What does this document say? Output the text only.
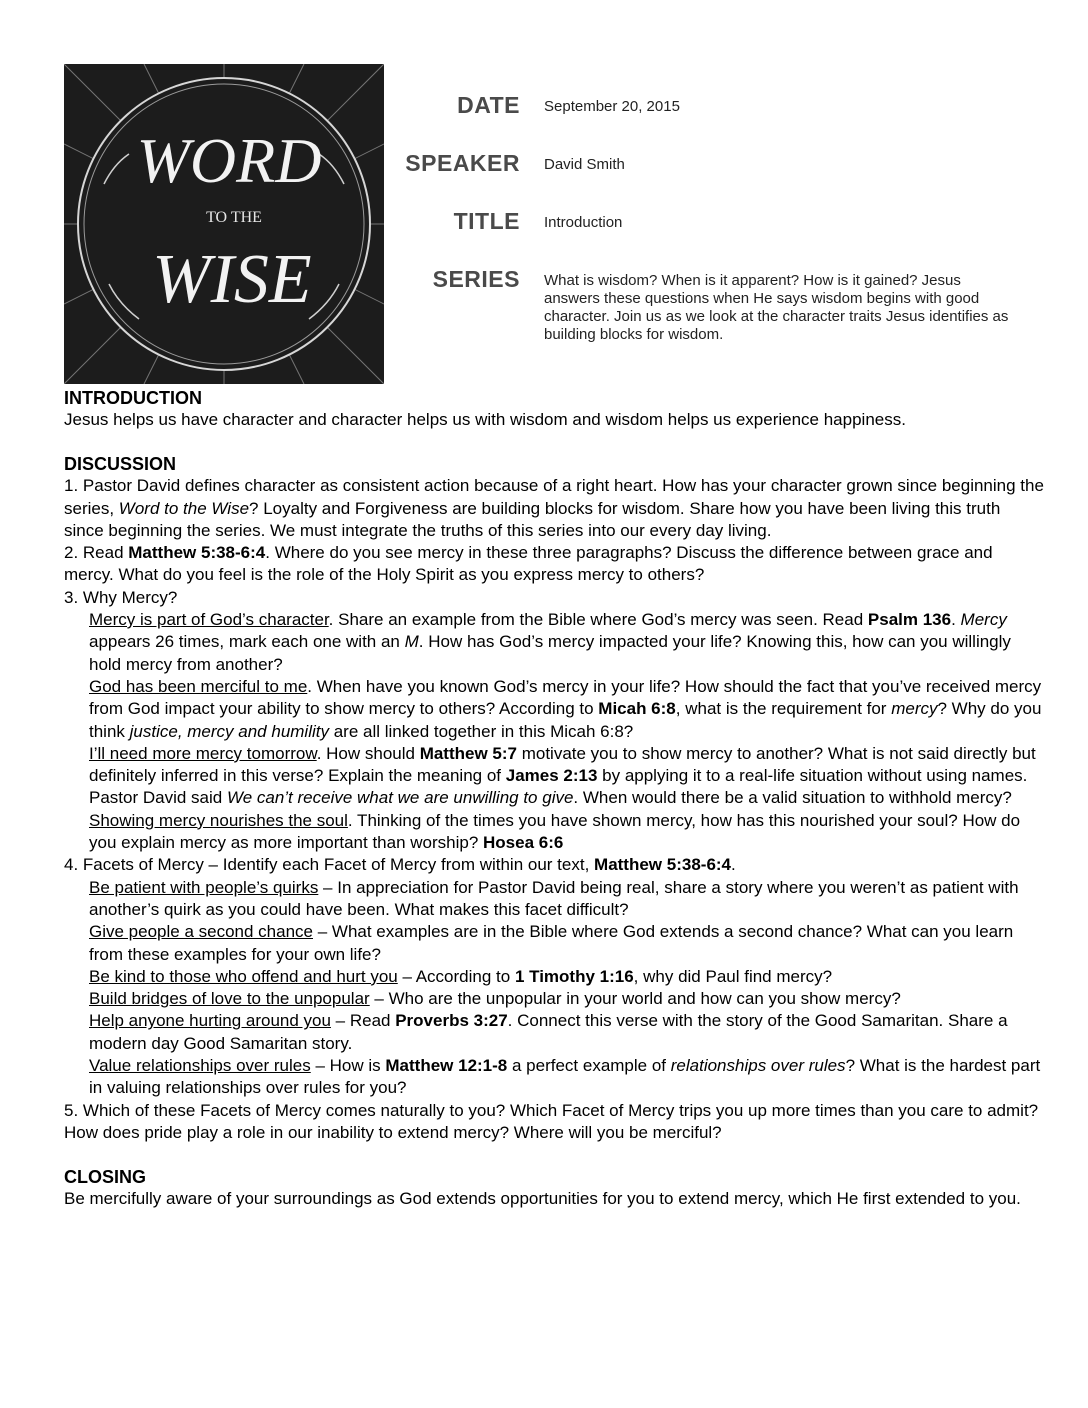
WORD
TO THE
WISE
DATE September 20, 2015
SPEAKER David Smith
TITLE Introduction
SERIES What is wisdom? When is it apparent? How is it gained? Jesus answers these questions when He says wisdom begins with good character. Join us as we look at the character traits Jesus identifies as building blocks for wisdom.
INTRODUCTION

Jesus helps us have character and character helps us with wisdom and wisdom helps us experience happiness.

DISCUSSION

1. Pastor David defines character as consistent action because of a right heart. How has your character grown since beginning the series, Word to the Wise? Loyalty and Forgiveness are building blocks for wisdom. Share how you have been living this truth since beginning the series. We must integrate the truths of this series into our every day living.

2. Read Matthew 5:38-6:4. Where do you see mercy in these three paragraphs? Discuss the difference between grace and mercy. What do you feel is the role of the Holy Spirit as you express mercy to others?

3. Why Mercy?

Mercy is part of God’s character. Share an example from the Bible where God’s mercy was seen. Read Psalm 136. Mercy appears 26 times, mark each one with an M. How has God’s mercy impacted your life? Knowing this, how can you willingly hold mercy from another?

God has been merciful to me. When have you known God’s mercy in your life? How should the fact that you’ve received mercy from God impact your ability to show mercy to others? According to Micah 6:8, what is the requirement for mercy? Why do you think justice, mercy and humility are all linked together in this Micah 6:8?

I’ll need more mercy tomorrow. How should Matthew 5:7 motivate you to show mercy to another? What is not said directly but definitely inferred in this verse? Explain the meaning of James 2:13 by applying it to a real-life situation without using names. Pastor David said We can’t receive what we are unwilling to give. When would there be a valid situation to withhold mercy?

Showing mercy nourishes the soul. Thinking of the times you have shown mercy, how has this nourished your soul? How do you explain mercy as more important than worship? Hosea 6:6

4. Facets of Mercy – Identify each Facet of Mercy from within our text, Matthew 5:38-6:4.

Be patient with people’s quirks – In appreciation for Pastor David being real, share a story where you weren’t as patient with another’s quirk as you could have been. What makes this facet difficult?

Give people a second chance – What examples are in the Bible where God extends a second chance? What can you learn from these examples for your own life?

Be kind to those who offend and hurt you – According to 1 Timothy 1:16, why did Paul find mercy?

Build bridges of love to the unpopular – Who are the unpopular in your world and how can you show mercy?

Help anyone hurting around you – Read Proverbs 3:27. Connect this verse with the story of the Good Samaritan. Share a modern day Good Samaritan story.

Value relationships over rules – How is Matthew 12:1-8 a perfect example of relationships over rules? What is the hardest part in valuing relationships over rules for you?

5. Which of these Facets of Mercy comes naturally to you? Which Facet of Mercy trips you up more times than you care to admit? How does pride play a role in our inability to extend mercy? Where will you be merciful?

CLOSING

Be mercifully aware of your surroundings as God extends opportunities for you to extend mercy, which He first extended to you.
